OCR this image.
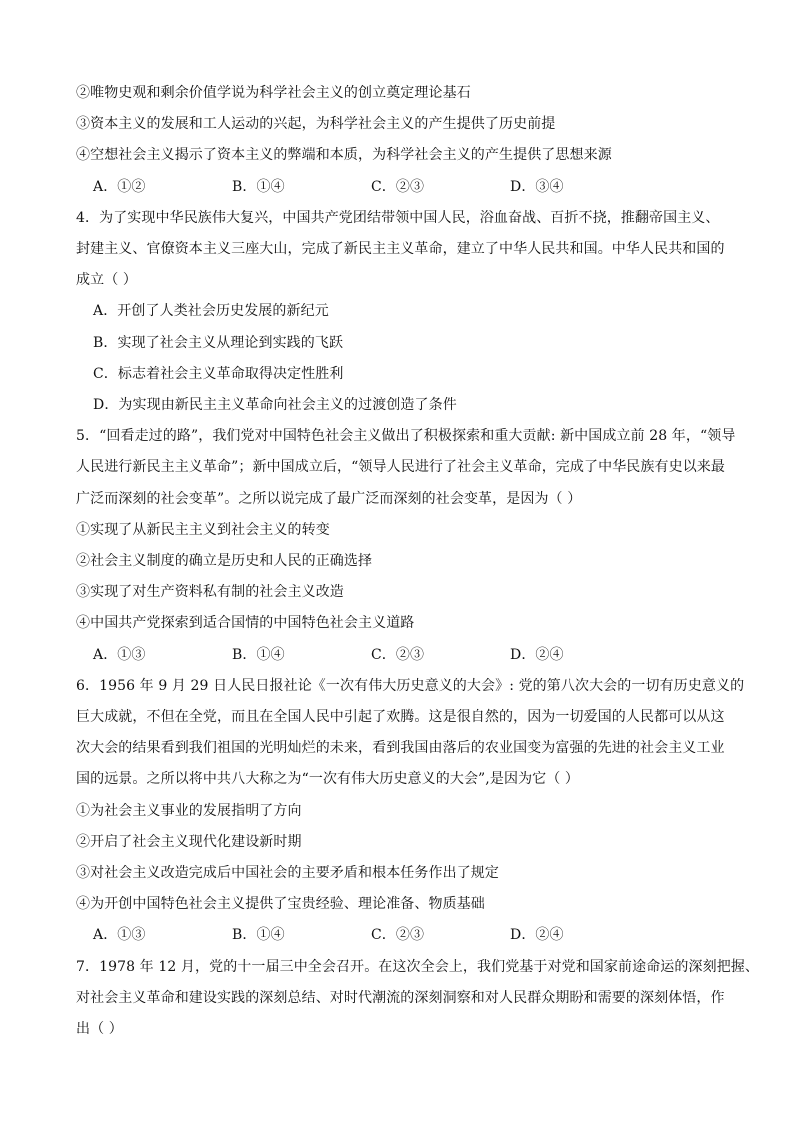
②唯物史观和剩余价值学说为科学社会主义的创立奠定理论基石
③资本主义的发展和工人运动的兴起，为科学社会主义的产生提供了历史前提
④空想社会主义揭示了资本主义的弊端和本质，为科学社会主义的产生提供了思想来源
A．①②	B．①④	C．②③	D．③④
4．为了实现中华民族伟大复兴，中国共产党团结带领中国人民，浴血奋战、百折不挠，推翻帝国主义、
封建主义、官僚资本主义三座大山，完成了新民主主义革命，建立了中华人民共和国。中华人民共和国的
成立（ ）
A．开创了人类社会历史发展的新纪元
B．实现了社会主义从理论到实践的飞跃
C．标志着社会主义革命取得决定性胜利
D．为实现由新民主主义革命向社会主义的过渡创造了条件
5．“回看走过的路”，我们党对中国特色社会主义做出了积极探索和重大贡献: 新中国成立前 28 年，“领导
人民进行新民主主义革命”；新中国成立后，“领导人民进行了社会主义革命，完成了中华民族有史以来最
广泛而深刻的社会变革”。之所以说完成了最广泛而深刻的社会变革，是因为（ ）
①实现了从新民主主义到社会主义的转变
②社会主义制度的确立是历史和人民的正确选择
③实现了对生产资料私有制的社会主义改造
④中国共产党探索到适合国情的中国特色社会主义道路
A．①③	B．①④	C．②③	D．②④
6．1956 年 9 月 29 日人民日报社论《一次有伟大历史意义的大会》: 党的第八次大会的一切有历史意义的
巨大成就，不但在全党，而且在全国人民中引起了欢腾。这是很自然的，因为一切爱国的人民都可以从这
次大会的结果看到我们祖国的光明灿烂的未来，看到我国由落后的农业国变为富强的先进的社会主义工业
国的远景。之所以将中共八大称之为“一次有伟大历史意义的大会”,是因为它（ ）
①为社会主义事业的发展指明了方向
②开启了社会主义现代化建设新时期
③对社会主义改造完成后中国社会的主要矛盾和根本任务作出了规定
④为开创中国特色社会主义提供了宝贵经验、理论准备、物质基础
A．①③	B．①④	C．②③	D．②④
7．1978 年 12 月，党的十一届三中全会召开。在这次全会上，我们党基于对党和国家前途命运的深刻把握、
对社会主义革命和建设实践的深刻总结、对时代潮流的深刻洞察和对人民群众期盼和需要的深刻体悟，作
出（ ）
